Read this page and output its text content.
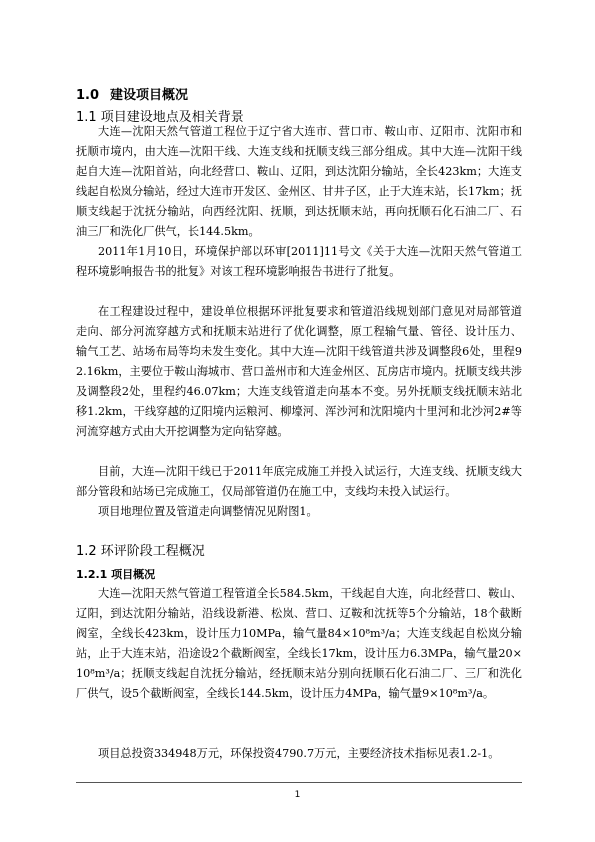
1.0 建设项目概况
1.1 项目建设地点及相关背景
大连—沈阳天然气管道工程位于辽宁省大连市、营口市、鞍山市、辽阳市、沈阳市和抚顺市境内，由大连—沈阳干线、大连支线和抚顺支线三部分组成。其中大连—沈阳干线起自大连—沈阳首站，向北经营口、鞍山、辽阳，到达沈阳分输站，全长423km；大连支线起自松岚分输站，经过大连市开发区、金州区、甘井子区，止于大连末站，长17km；抚顺支线起于沈抚分输站，向西经沈阳、抚顺，到达抚顺末站，再向抚顺石化石油二厂、石油三厂和洗化厂供气，长144.5km。
2011年1月10日，环境保护部以环审[2011]11号文《关于大连—沈阳天然气管道工程环境影响报告书的批复》对该工程环境影响报告书进行了批复。
在工程建设过程中，建设单位根据环评批复要求和管道沿线规划部门意见对局部管道走向、部分河流穿越方式和抚顺末站进行了优化调整，原工程输气量、管径、设计压力、输气工艺、站场布局等均未发生变化。其中大连—沈阳干线管道共涉及调整段6处，里程92.16km，主要位于鞍山海城市、营口盖州市和大连金州区、瓦房店市境内。抚顺支线共涉及调整段2处，里程约46.07km；大连支线管道走向基本不变。另外抚顺支线抚顺末站北移1.2km，干线穿越的辽阳境内运粮河、柳壕河、浑沙河和沈阳境内十里河和北沙河2#等河流穿越方式由大开挖调整为定向钻穿越。
目前，大连—沈阳干线已于2011年底完成施工并投入试运行，大连支线、抚顺支线大部分管段和站场已完成施工，仅局部管道仍在施工中，支线均未投入试运行。
项目地理位置及管道走向调整情况见附图1。
1.2 环评阶段工程概况
1.2.1 项目概况
大连—沈阳天然气管道工程管道全长584.5km，干线起自大连，向北经营口、鞍山、辽阳，到达沈阳分输站，沿线设新港、松岚、营口、辽鞍和沈抚等5个分输站，18个截断阀室，全线长423km，设计压力10MPa，输气量84×10⁸m³/a；大连支线起自松岚分输站，止于大连末站，沿途设2个截断阀室，全线长17km，设计压力6.3MPa，输气量20×10⁸m³/a；抚顺支线起自沈抚分输站，经抚顺末站分别向抚顺石化石油二厂、三厂和洗化厂供气，设5个截断阀室，全线长144.5km，设计压力4MPa，输气量9×10⁸m³/a。
项目总投资334948万元，环保投资4790.7万元，主要经济技术指标见表1.2-1。
1
